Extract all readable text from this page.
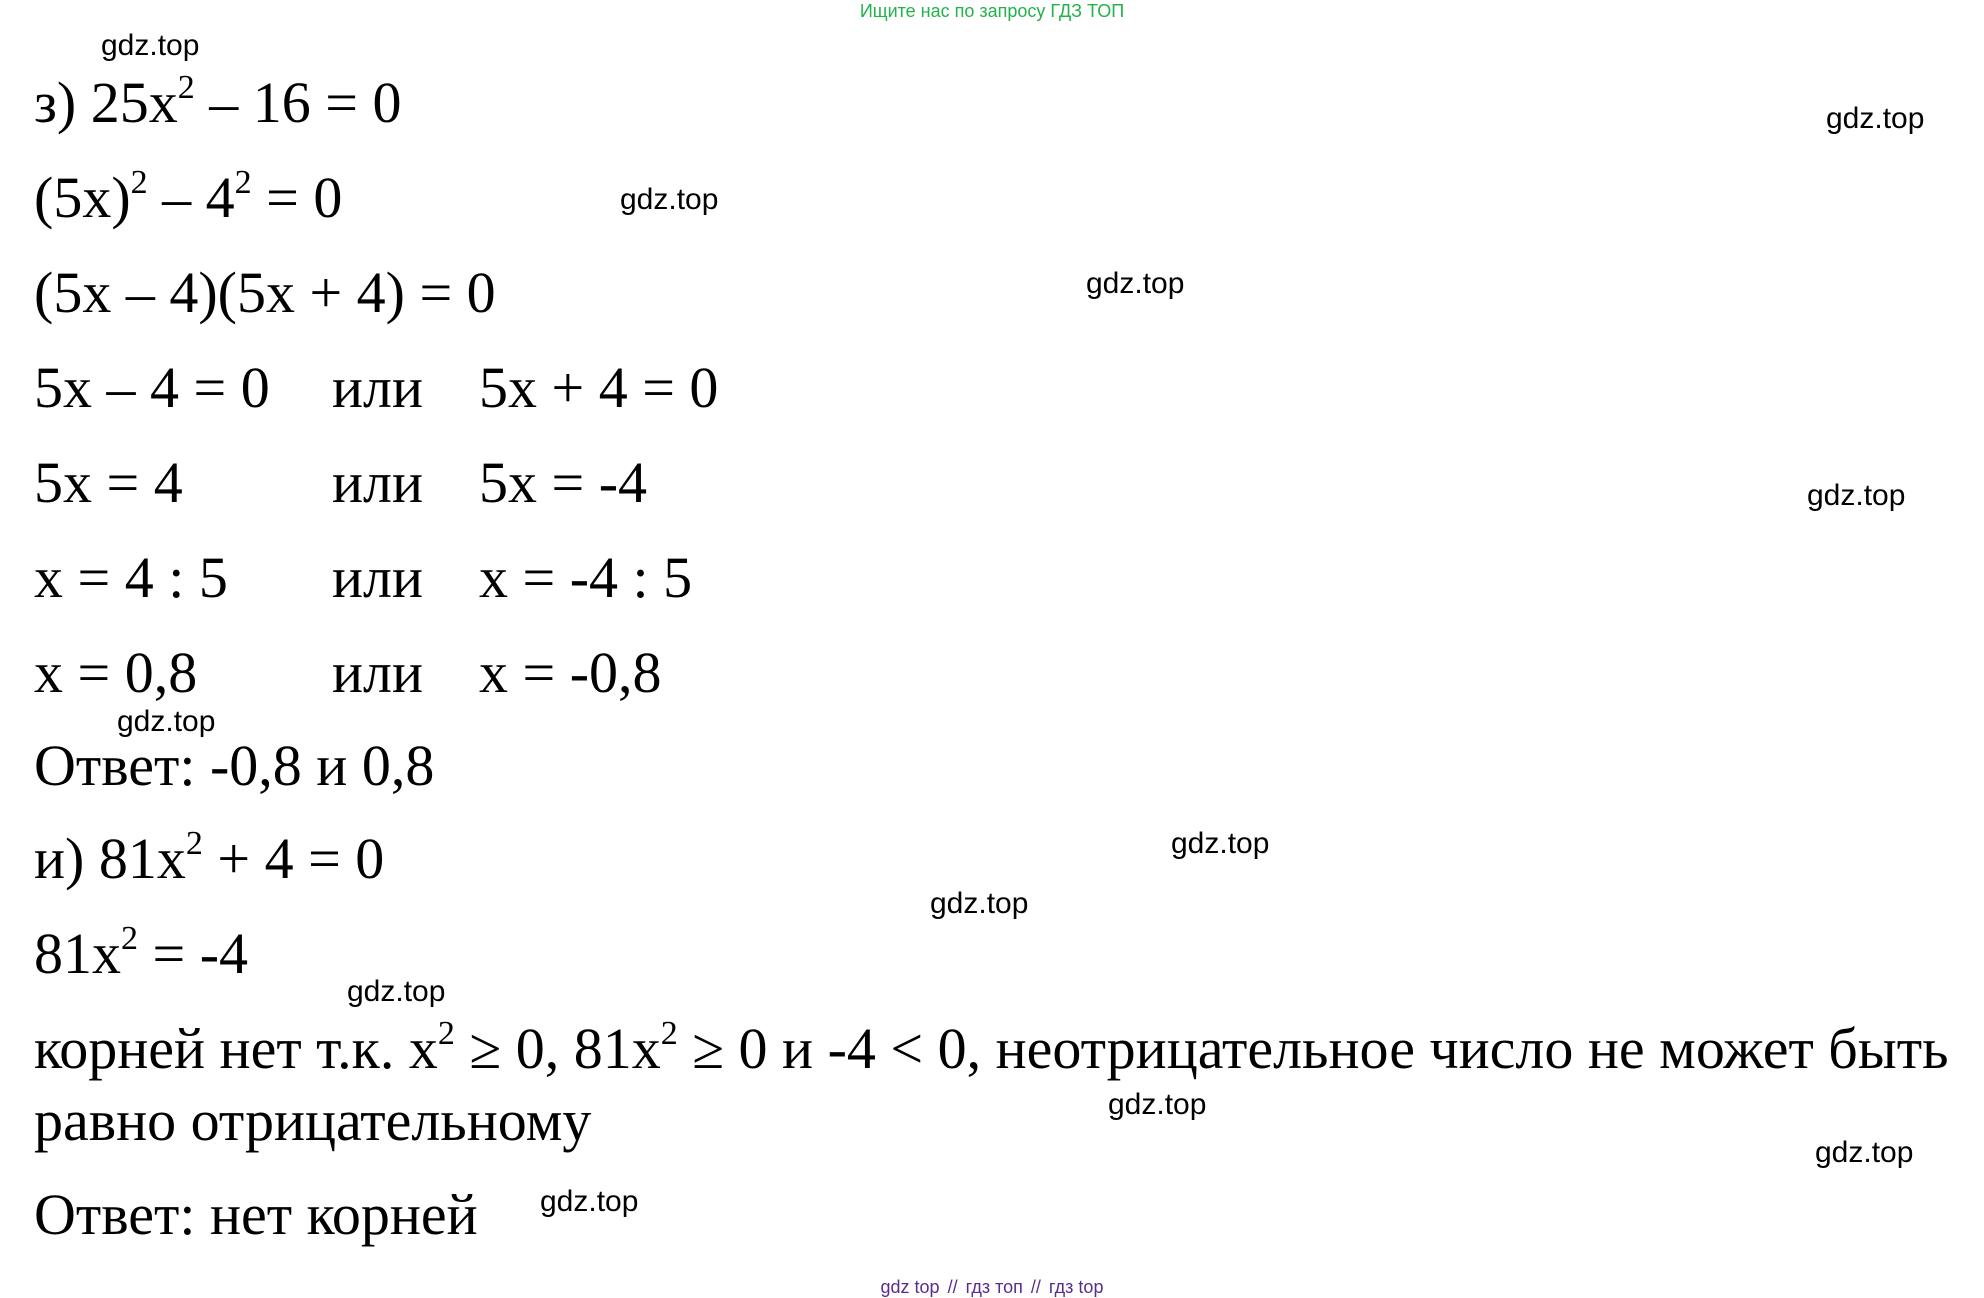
Ищите нас по запросу ГДЗ ТОП
з) $25x^2 - 16 = 0$
$(5x)^2 - 4^2 = 0$
(5x – 4)(5x + 4) = 0

5x – 4 = 0

или

5x + 4 = 0

5x = 4

	или

5x = -4

x = 4 : 5

или

x = -4 : 5

x = 0,8

или

x = -0,8

Ответ: -0,8 и 0,8
и) $81x^2 + 4 = 0$
$81x^2 = -4$
корней нет т.к. $x^2 \ge 0$, $81x^2 \ge 0$ и -4 < 0, неотрицательное число не может быть
равно отрицательному
Ответ: нет корней
gdz.top
gdz.top
gdz.top
gdz.top
gdz.top
gdz.top
gdz.top
gdz.top
gdz.top
gdz.top
gdz.top
gdz.top
gdz top // гдз топ // гдз top
